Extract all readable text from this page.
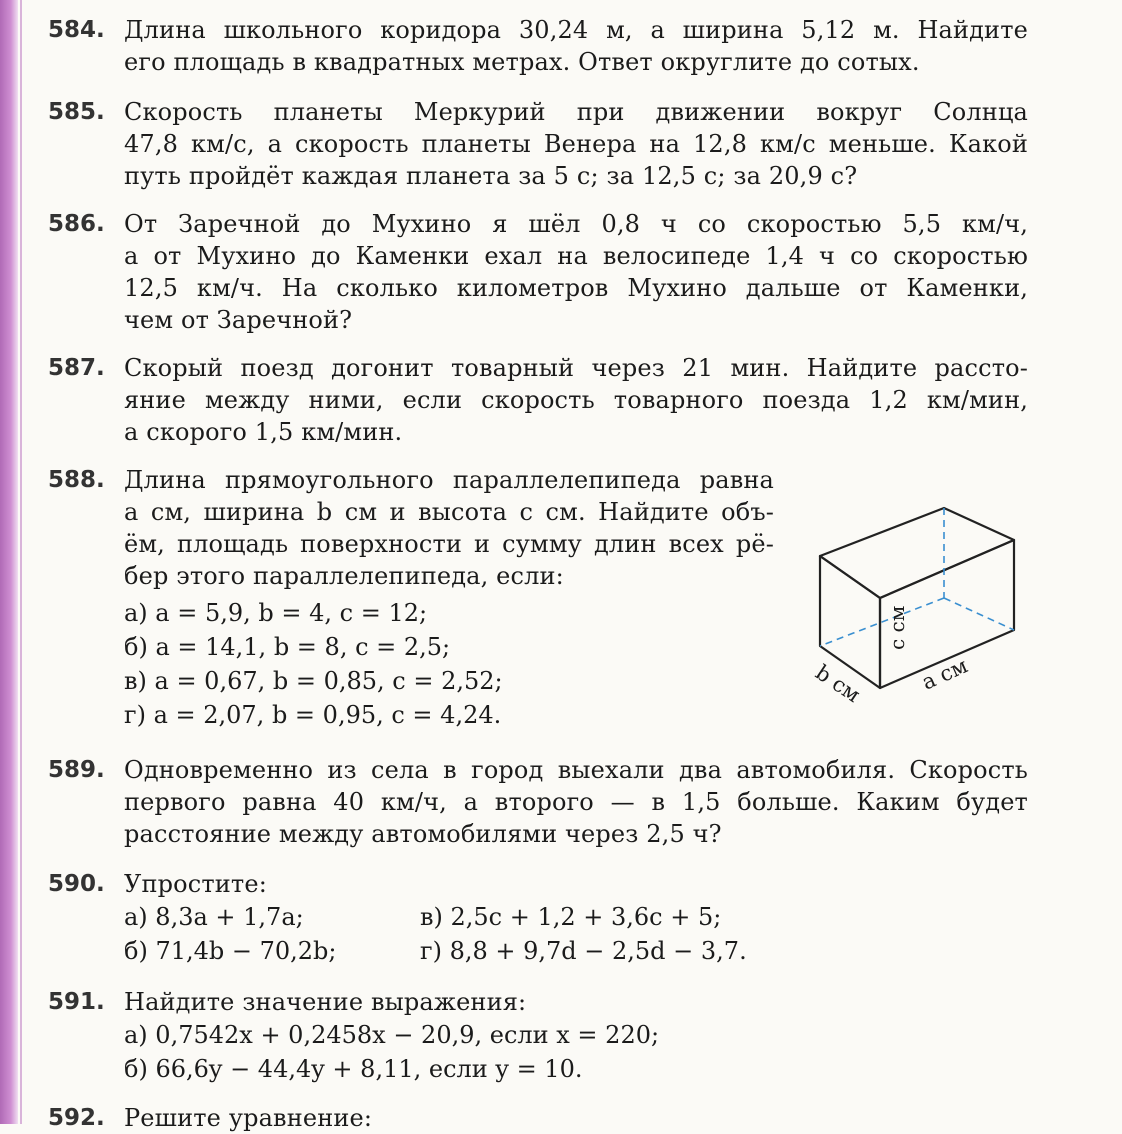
584. Длина школьного коридора 30,24 м, а ширина 5,12 м. Найдите
его площадь в квадратных метрах. Ответ округлите до сотых.
585. Скорость планеты Меркурий при движении вокруг Солнца
47,8 км/с, а скорость планеты Венера на 12,8 км/с меньше. Какой
путь пройдёт каждая планета за 5 с; за 12,5 с; за 20,9 с?
586. От Заречной до Мухино я шёл 0,8 ч со скоростью 5,5 км/ч,
а от Мухино до Каменки ехал на велосипеде 1,4 ч со скоростью
12,5 км/ч. На сколько километров Мухино дальше от Каменки,
чем от Заречной?
587. Скорый поезд догонит товарный через 21 мин. Найдите рассто-
яние между ними, если скорость товарного поезда 1,2 км/мин,
а скорого 1,5 км/мин.
588. Длина прямоугольного параллелепипеда равна
a см, ширина b см и высота c см. Найдите объ-
ём, площадь поверхности и сумму длин всех рё-
бер этого параллелепипеда, если:
а) a = 5,9, b = 4, c = 12;
б) a = 14,1, b = 8, c = 2,5;
в) a = 0,67, b = 0,85, c = 2,52;
г) a = 2,07, b = 0,95, c = 4,24.
c см
b см	a см
589. Одновременно из села в город выехали два автомобиля. Скорость
первого равна 40 км/ч, а второго — в 1,5 больше. Каким будет
расстояние между автомобилями через 2,5 ч?
590. Упростите:
а) 8,3a + 1,7a;
б) 71,4b − 70,2b;
в) 2,5c + 1,2 + 3,6c + 5;
г) 8,8 + 9,7d − 2,5d − 3,7.
591. Найдите значение выражения:
а) 0,7542x + 0,2458x − 20,9, если x = 220;
б) 66,6y − 44,4y + 8,11, если y = 10.
592. Решите уравнение:
